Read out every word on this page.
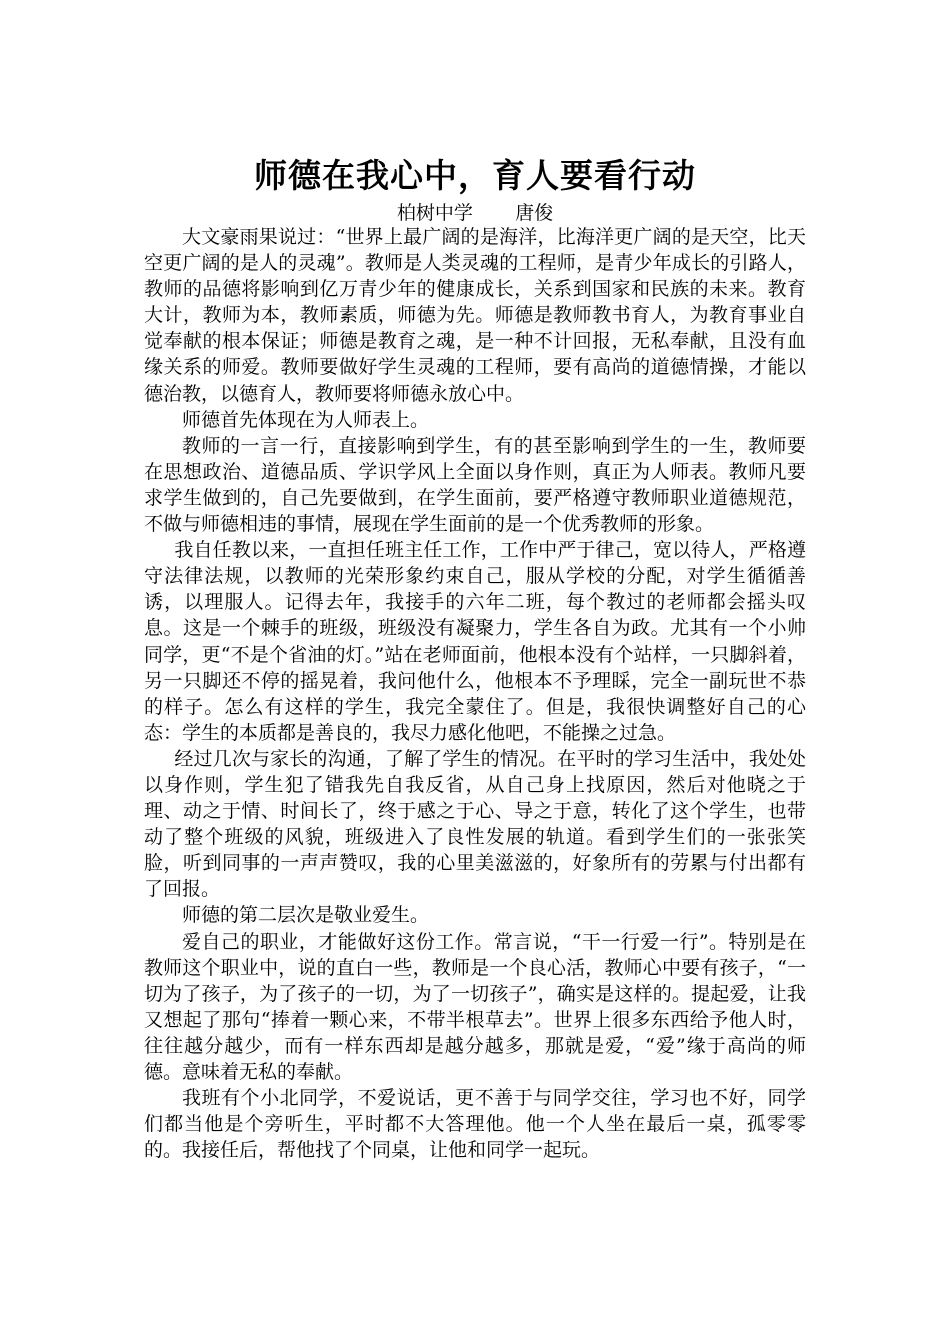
师德在我心中，育人要看行动
柏树中学       唐俊

大文豪雨果说过：“世界上最广阔的是海洋，比海洋更广阔的是天空，比天空更广阔的是人的灵魂”。教师是人类灵魂的工程师，是青少年成长的引路人，教师的品德将影响到亿万青少年的健康成长，关系到国家和民族的未来。教育大计，教师为本，教师素质，师德为先。师德是教师教书育人，为教育事业自觉奉献的根本保证；师德是教育之魂，是一种不计回报，无私奉献，且没有血缘关系的师爱。教师要做好学生灵魂的工程师，要有高尚的道德情操，才能以德治教，以德育人，教师要将师德永放心中。

师德首先体现在为人师表上。

教师的一言一行，直接影响到学生，有的甚至影响到学生的一生，教师要在思想政治、道德品质、学识学风上全面以身作则，真正为人师表。教师凡要求学生做到的，自己先要做到，在学生面前，要严格遵守教师职业道德规范，不做与师德相违的事情，展现在学生面前的是一个优秀教师的形象。

我自任教以来，一直担任班主任工作，工作中严于律己，宽以待人，严格遵守法律法规，以教师的光荣形象约束自己，服从学校的分配，对学生循循善诱，以理服人。记得去年，我接手的六年二班，每个教过的老师都会摇头叹息。这是一个棘手的班级，班级没有凝聚力，学生各自为政。尤其有一个小帅同学，更“不是个省油的灯。”站在老师面前，他根本没有个站样，一只脚斜着，另一只脚还不停的摇晃着，我问他什么，他根本不予理睬，完全一副玩世不恭的样子。怎么有这样的学生，我完全蒙住了。但是，我很快调整好自己的心态：学生的本质都是善良的，我尽力感化他吧，不能操之过急。

经过几次与家长的沟通，了解了学生的情况。在平时的学习生活中，我处处以身作则，学生犯了错我先自我反省，从自己身上找原因，然后对他晓之于理、动之于情、时间长了，终于感之于心、导之于意，转化了这个学生，也带动了整个班级的风貌，班级进入了良性发展的轨道。看到学生们的一张张笑脸，听到同事的一声声赞叹，我的心里美滋滋的，好象所有的劳累与付出都有了回报。

师德的第二层次是敬业爱生。

爱自己的职业，才能做好这份工作。常言说，“干一行爱一行”。特别是在教师这个职业中，说的直白一些，教师是一个良心活，教师心中要有孩子，“一切为了孩子，为了孩子的一切，为了一切孩子”，确实是这样的。提起爱，让我又想起了那句“捧着一颗心来，不带半根草去”。世界上很多东西给予他人时，往往越分越少，而有一样东西却是越分越多，那就是爱，“爱”缘于高尚的师德。意味着无私的奉献。

我班有个小北同学，不爱说话，更不善于与同学交往，学习也不好，同学们都当他是个旁听生，平时都不大答理他。他一个人坐在最后一桌，孤零零的。我接任后，帮他找了个同桌，让他和同学一起玩。
